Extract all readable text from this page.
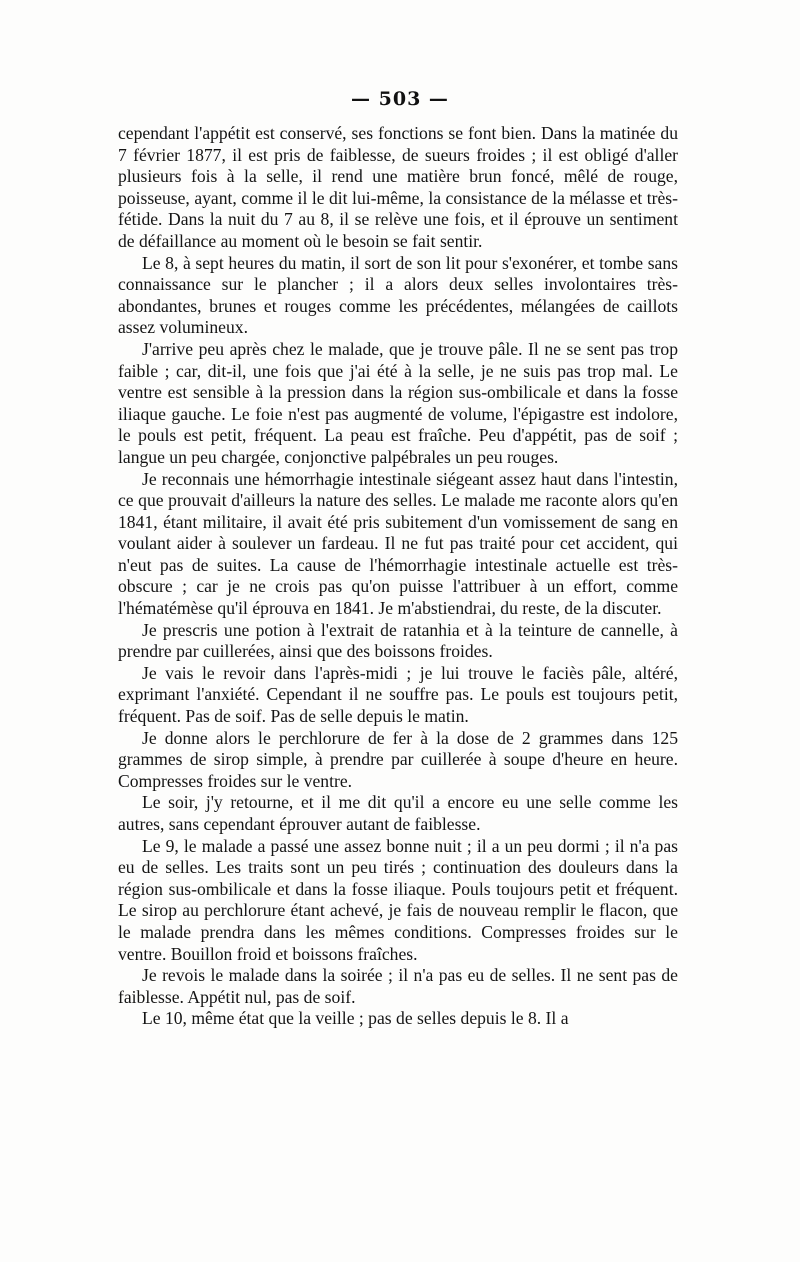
— 503 —

cependant l'appétit est conservé, ses fonctions se font bien. Dans la matinée du 7 février 1877, il est pris de faiblesse, de sueurs froides ; il est obligé d'aller plusieurs fois à la selle, il rend une matière brun foncé, mêlé de rouge, poisseuse, ayant, comme il le dit lui-même, la consistance de la mélasse et très-fétide. Dans la nuit du 7 au 8, il se relève une fois, et il éprouve un sentiment de défaillance au moment où le besoin se fait sentir.

Le 8, à sept heures du matin, il sort de son lit pour s'exonérer, et tombe sans connaissance sur le plancher ; il a alors deux selles involontaires très-abondantes, brunes et rouges comme les précédentes, mélangées de caillots assez volumineux.

J'arrive peu après chez le malade, que je trouve pâle. Il ne se sent pas trop faible ; car, dit-il, une fois que j'ai été à la selle, je ne suis pas trop mal. Le ventre est sensible à la pression dans la région sus-ombilicale et dans la fosse iliaque gauche. Le foie n'est pas augmenté de volume, l'épigastre est indolore, le pouls est petit, fréquent. La peau est fraîche. Peu d'appétit, pas de soif ; langue un peu chargée, conjonctive palpébrales un peu rouges.

Je reconnais une hémorrhagie intestinale siégeant assez haut dans l'intestin, ce que prouvait d'ailleurs la nature des selles. Le malade me raconte alors qu'en 1841, étant militaire, il avait été pris subitement d'un vomissement de sang en voulant aider à soulever un fardeau. Il ne fut pas traité pour cet accident, qui n'eut pas de suites. La cause de l'hémorrhagie intestinale actuelle est très-obscure ; car je ne crois pas qu'on puisse l'attribuer à un effort, comme l'hématémèse qu'il éprouva en 1841. Je m'abstiendrai, du reste, de la discuter.

Je prescris une potion à l'extrait de ratanhia et à la teinture de cannelle, à prendre par cuillerées, ainsi que des boissons froides.

Je vais le revoir dans l'après-midi ; je lui trouve le faciès pâle, altéré, exprimant l'anxiété. Cependant il ne souffre pas. Le pouls est toujours petit, fréquent. Pas de soif. Pas de selle depuis le matin.

Je donne alors le perchlorure de fer à la dose de 2 grammes dans 125 grammes de sirop simple, à prendre par cuillerée à soupe d'heure en heure. Compresses froides sur le ventre.

Le soir, j'y retourne, et il me dit qu'il a encore eu une selle comme les autres, sans cependant éprouver autant de faiblesse.

Le 9, le malade a passé une assez bonne nuit ; il a un peu dormi ; il n'a pas eu de selles. Les traits sont un peu tirés ; continuation des douleurs dans la région sus-ombilicale et dans la fosse iliaque. Pouls toujours petit et fréquent. Le sirop au perchlorure étant achevé, je fais de nouveau remplir le flacon, que le malade prendra dans les mêmes conditions. Compresses froides sur le ventre. Bouillon froid et boissons fraîches.

Je revois le malade dans la soirée ; il n'a pas eu de selles. Il ne sent pas de faiblesse. Appétit nul, pas de soif.

Le 10, même état que la veille ; pas de selles depuis le 8. Il a
